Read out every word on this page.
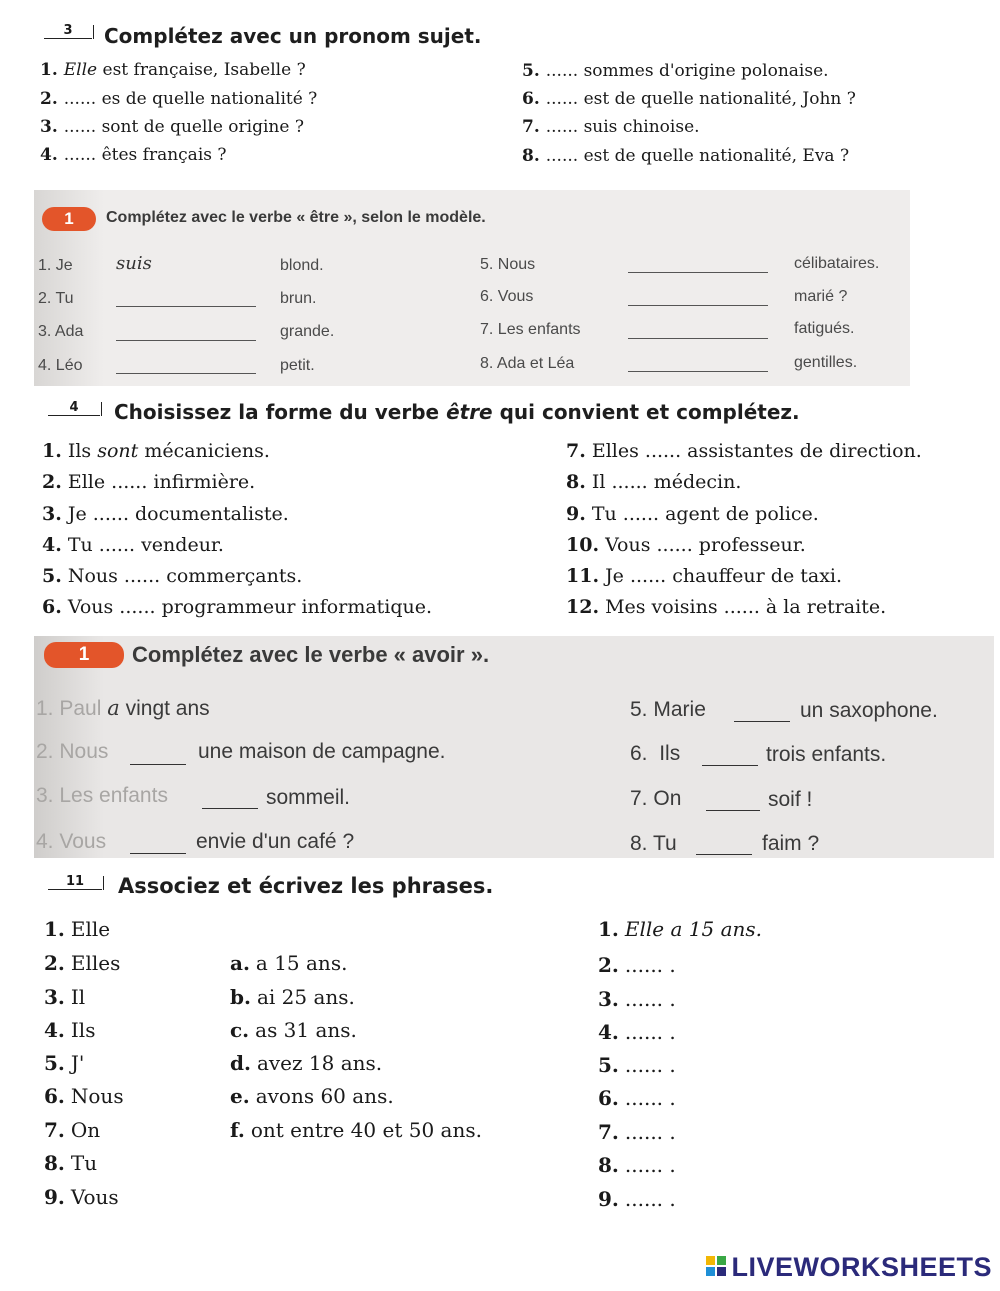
3	Complétez avec un pronom sujet.
1. Elle est française, Isabelle ?
2. ...... es de quelle nationalité ?
3. ...... sont de quelle origine ?
4. ...... êtes français ?
5. ...... sommes d'origine polonaise.
6. ...... est de quelle nationalité, John ?
7. ...... suis chinoise.
8. ...... est de quelle nationalité, Eva ?
1	Complétez avec le verbe « être », selon le modèle.
1. Je suis	blond.
2. Tu	brun.
3. Ada	grande.
4. Léo	petit.
5. Nous	célibataires.
6. Vous	marié ?
7. Les enfants	fatigués.
8. Ada et Léa	gentilles.
4	Choisissez la forme du verbe être qui convient et complétez.
1. Ils sont mécaniciens.
2. Elle ...... infirmière.
3. Je ...... documentaliste.
4. Tu ...... vendeur.
5. Nous ...... commerçants.
6. Vous ...... programmeur informatique.
7. Elles ...... assistantes de direction.
8. Il ...... médecin.
9. Tu ...... agent de police.
10. Vous ...... professeur.
11. Je ...... chauffeur de taxi.
12. Mes voisins ...... à la retraite.
1	Complétez avec le verbe « avoir ».
1. Paul a vingt ans
2. Nous	une maison de campagne.
3. Les enfants	sommeil.
4. Vous	envie d'un café ?
5. Marie	un saxophone.
6. Ils	trois enfants.
7. On	soif !
8. Tu	faim ?
11	Associez et écrivez les phrases.
1. Elle
2. Elles
3. Il
4. Ils
5. J'
6. Nous
7. On
8. Tu
9. Vous
a. a 15 ans.
b. ai 25 ans.
c. as 31 ans.
d. avez 18 ans.
e. avons 60 ans.
f. ont entre 40 et 50 ans.
1. Elle a 15 ans.
2. ...... .
3. ...... .
4. ...... .
5. ...... .
6. ...... .
7. ...... .
8. ...... .
9. ...... .
LIVEWORKSHEETS
